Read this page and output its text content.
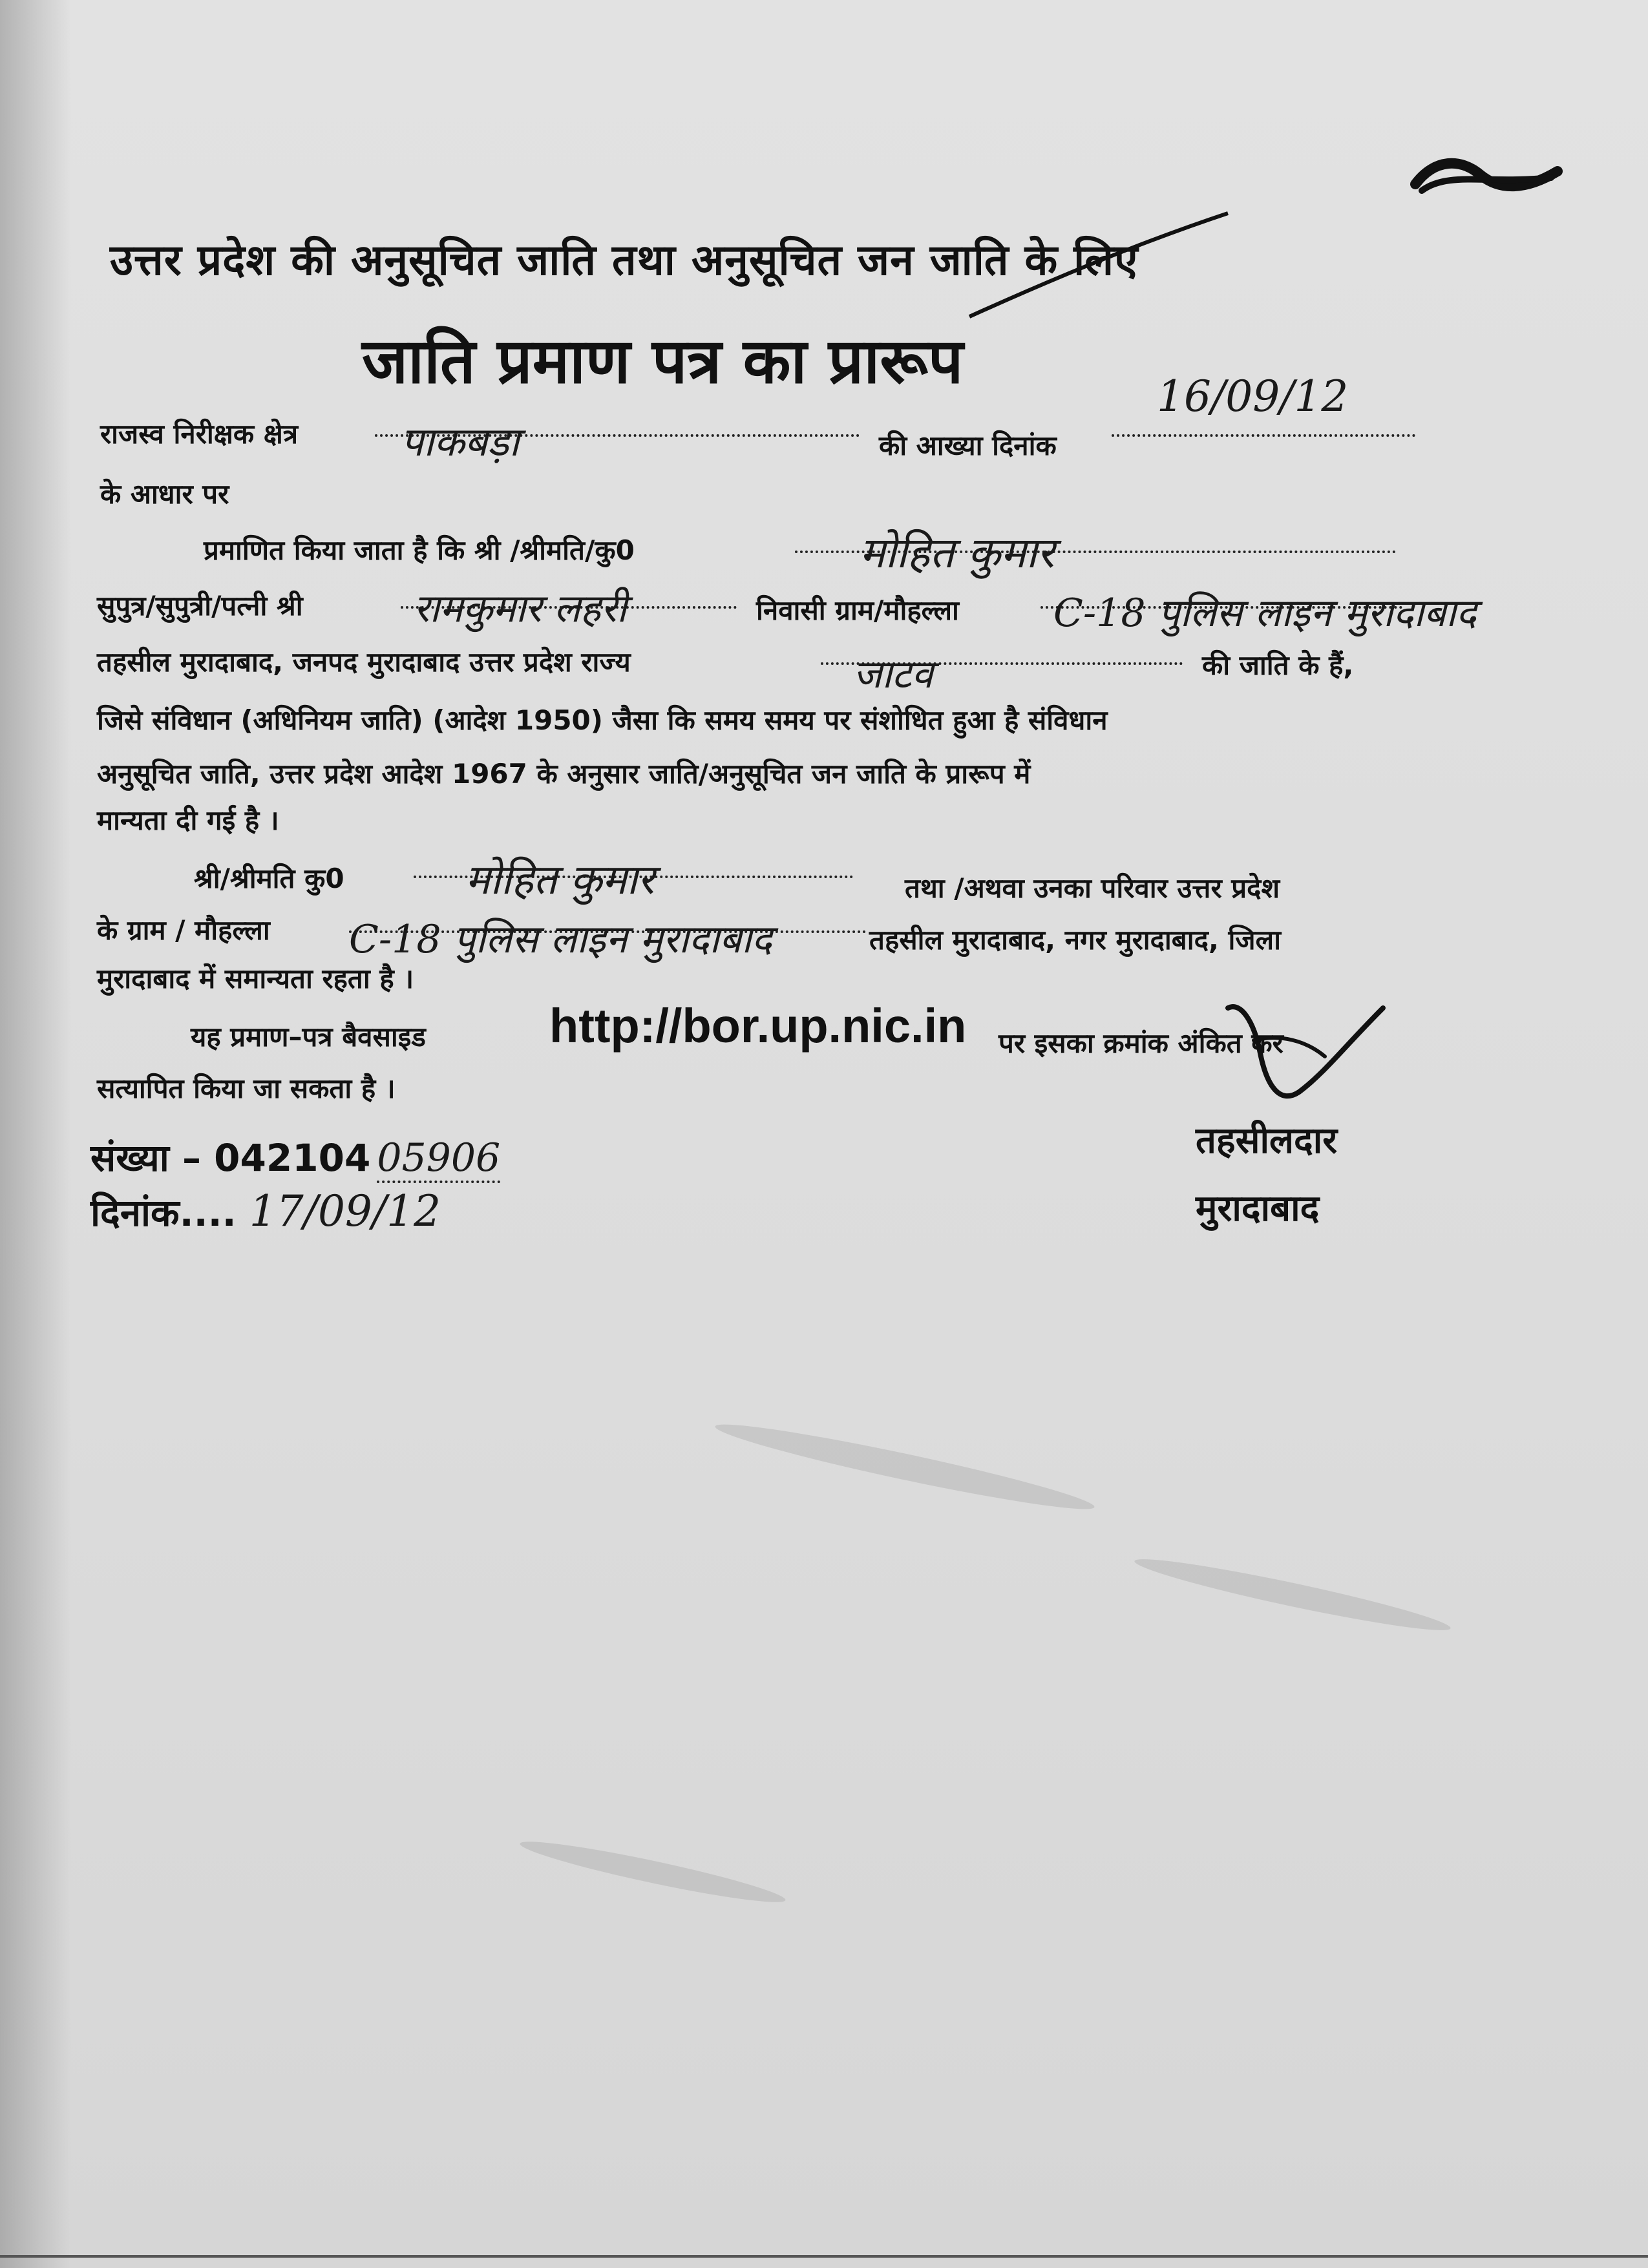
उत्तर प्रदेश की अनुसूचित जाति तथा अनुसूचित जन जाति के लिए
जाति प्रमाण पत्र का प्रारूप
राजस्व निरीक्षक क्षेत्र	पाकबड़ा	की आख्या दिनांक
16/09/12
के आधार पर
प्रमाणित किया जाता है कि श्री /श्रीमति/कु0	मोहित कुमार
सुपुत्र/सुपुत्री/पत्नी श्री	रामकुमार लहरी	निवासी ग्राम/मौहल्ला C-18 पुलिस लाइन मुरादाबाद
तहसील मुरादाबाद, जनपद मुरादाबाद उत्तर प्रदेश राज्य	जाटव	की जाति के हैं,
जिसे संविधान (अधिनियम जाति) (आदेश 1950) जैसा कि समय समय पर संशोधित हुआ है संविधान
अनुसूचित जाति, उत्तर प्रदेश आदेश 1967 के अनुसार जाति/अनुसूचित जन जाति के प्रारूप में
मान्यता दी गई है ।
श्री/श्रीमति कु0	मोहित कुमार	तथा /अथवा उनका परिवार उत्तर प्रदेश
के ग्राम / मौहल्ला C-18 पुलिस लाइन मुरादाबाद	तहसील मुरादाबाद, नगर मुरादाबाद, जिला
मुरादाबाद में समान्यता रहता है ।
यह प्रमाण–पत्र बैवसाइड	http://bor.up.nic.in पर इसका क्रमांक अंकित कर
सत्यापित किया जा सकता है ।
संख्या – 042104 05906
दिनांक.... 17/09/12
तहसीलदार
मुरादाबाद
